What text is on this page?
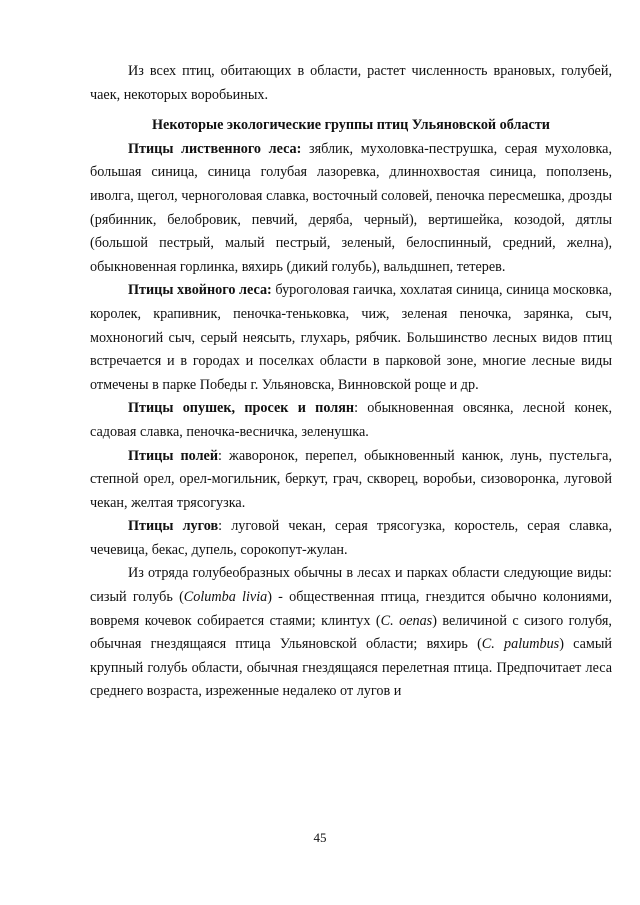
Из всех птиц, обитающих в области, растет численность врановых, голубей, чаек, некоторых воробьиных.

Некоторые экологические группы птиц Ульяновской области

Птицы лиственного леса: зяблик, мухоловка-пеструшка, серая мухоловка, большая синица, синица голубая лазоревка, длиннохвостая синица, поползень, иволга, щегол, черноголовая славка, восточный соловей, пеночка пересмешка, дрозды (рябинник, белобровик, певчий, деряба, черный), вертишейка, козодой, дятлы (большой пестрый, малый пестрый, зеленый, белоспинный, средний, желна), обыкновенная горлинка, вяхирь (дикий голубь), вальдшнеп, тетерев.

Птицы хвойного леса: буроголовая гаичка, хохлатая синица, синица московка, королек, крапивник, пеночка-теньковка, чиж, зеленая пеночка, зарянка, сыч, мохноногий сыч, серый неясыть, глухарь, рябчик. Большинство лесных видов птиц встречается и в городах и поселках области в парковой зоне, многие лесные виды отмечены в парке Победы г. Ульяновска, Винновской роще и др.

Птицы опушек, просек и полян: обыкновенная овсянка, лесной конек, садовая славка, пеночка-весничка, зеленушка.

Птицы полей: жаворонок, перепел, обыкновенный канюк, лунь, пустельга, степной орел, орел-могильник, беркут, грач, скворец, воробьи, сизоворонка, луговой чекан, желтая трясогузка.

Птицы лугов: луговой чекан, серая трясогузка, коростель, серая славка, чечевица, бекас, дупель, сорокопут-жулан.

Из отряда голубеобразных обычны в лесах и парках области следующие виды: сизый голубь (Columba livia) - общественная птица, гнездится обычно колониями, вовремя кочевок собирается стаями; клинтух (C. oenas) величиной с сизого голубя, обычная гнездящаяся птица Ульяновской области; вяхирь (C. palumbus) самый крупный голубь области, обычная гнездящаяся перелетная птица. Предпочитает леса среднего возраста, изреженные недалеко от лугов и

45
